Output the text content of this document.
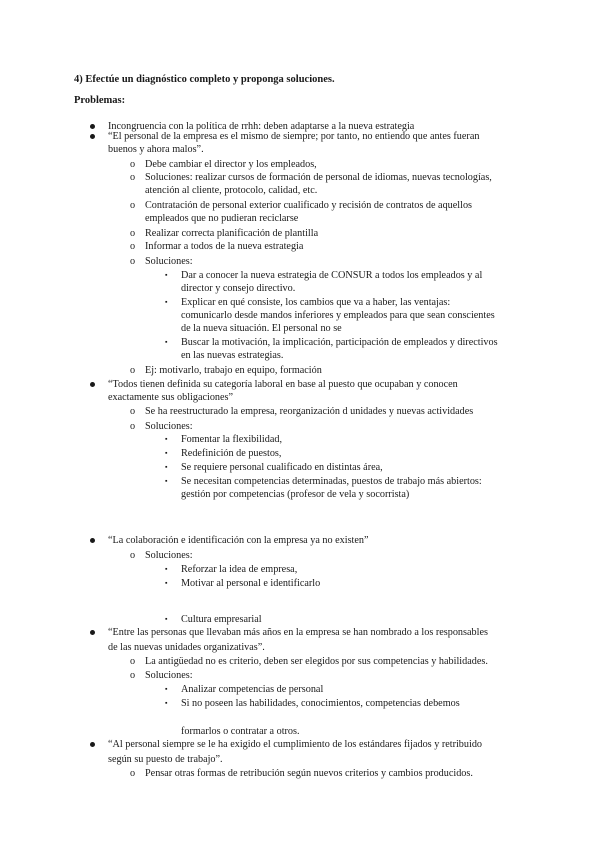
4) Efectúe un diagnóstico completo y proponga soluciones.
Problemas:
Incongruencia con la política de rrhh: deben adaptarse a la nueva estrategia
“El personal de la empresa es el mismo de siempre; por tanto, no entiendo que antes fueran
buenos y ahora malos”.
o Debe cambiar el director y los empleados,
o Soluciones: realizar cursos de formación de personal de idiomas, nuevas tecnologías,
atención al cliente, protocolo, calidad, etc.
o Contratación de personal exterior cualificado y recisión de contratos de aquellos
empleados que no pudieran reciclarse
o Realizar correcta planificación de plantilla
o Informar a todos de la nueva estrategia
o Soluciones:
▪ Dar a conocer la nueva estrategia de CONSUR a todos los empleados y al
director y consejo directivo.
▪ Explicar en qué consiste, los cambios que va a haber, las ventajas:
comunicarlo desde mandos inferiores y empleados para que sean conscientes
de la nueva situación. El personal no se
▪ Buscar la motivación, la implicación, participación de empleados y directivos
en las nuevas estrategias.
o Ej: motivarlo, trabajo en equipo, formación
“Todos tienen definida su categoría laboral en base al puesto que ocupaban y conocen
exactamente sus obligaciones”
o Se ha reestructurado la empresa, reorganización d unidades y nuevas actividades
o Soluciones:
▪ Fomentar la flexibilidad,
▪ Redefinición de puestos,
▪ Se requiere personal cualificado en distintas área,
▪ Se necesitan competencias determinadas, puestos de trabajo más abiertos:
gestión por competencias (profesor de vela y socorrista)
“La colaboración e identificación con la empresa ya no existen”
o Soluciones:
▪ Reforzar la idea de empresa,
▪ Motivar al personal e identificarlo
▪ Cultura empresarial
“Entre las personas que llevaban más años en la empresa se han nombrado a los responsables
de las nuevas unidades organizativas”.
o La antigüedad no es criterio, deben ser elegidos por sus competencias y habilidades.
o Soluciones:
▪ Analizar competencias de personal
▪ Si no poseen las habilidades, conocimientos, competencias debemos
formarlos o contratar a otros.
“Al personal siempre se le ha exigido el cumplimiento de los estándares fijados y retribuido
según su puesto de trabajo”.
o Pensar otras formas de retribución según nuevos criterios y cambios producidos.
